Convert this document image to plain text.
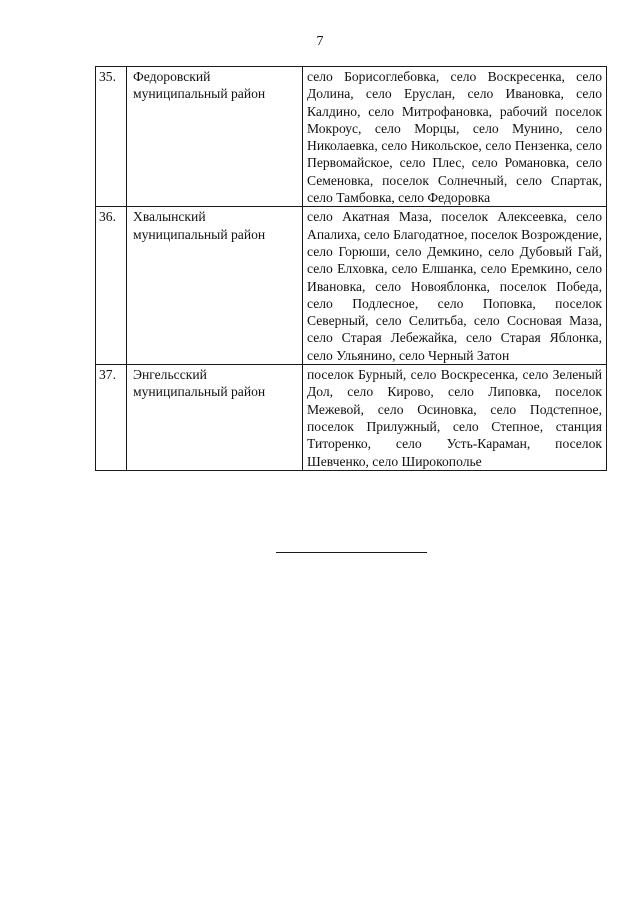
7
35.	Федоровский муниципальный район	село Борисоглебовка, село Воскресенка, село Долина, село Еруслан, село Ивановка, село Калдино, село Митрофановка, рабочий поселок Мокроус, село Морцы, село Мунино, село Николаевка, село Никольское, село Пензенка, село Первомайское, село Плес, село Романовка, село Семеновка, поселок Солнечный, село Спартак, село Тамбовка, село Федоровка
36.	Хвалынский муниципальный район	село Акатная Маза, поселок Алексеевка, село Апалиха, село Благодатное, поселок Возрождение, село Горюши, село Демкино, село Дубовый Гай, село Елховка, село Елшанка, село Еремкино, село Ивановка, село Новояблонка, поселок Победа, село Подлесное, село Поповка, поселок Северный, село Селитьба, село Сосновая Маза, село Старая Лебежайка, село Старая Яблонка, село Ульянино, село Черный Затон
37.	Энгельсский муниципальный район	поселок Бурный, село Воскресенка, село Зеленый Дол, село Кирово, село Липовка, поселок Межевой, село Осиновка, село Подстепное, поселок Прилужный, село Степное, станция Титоренко, село Усть-Караман, поселок Шевченко, село Широкополье
